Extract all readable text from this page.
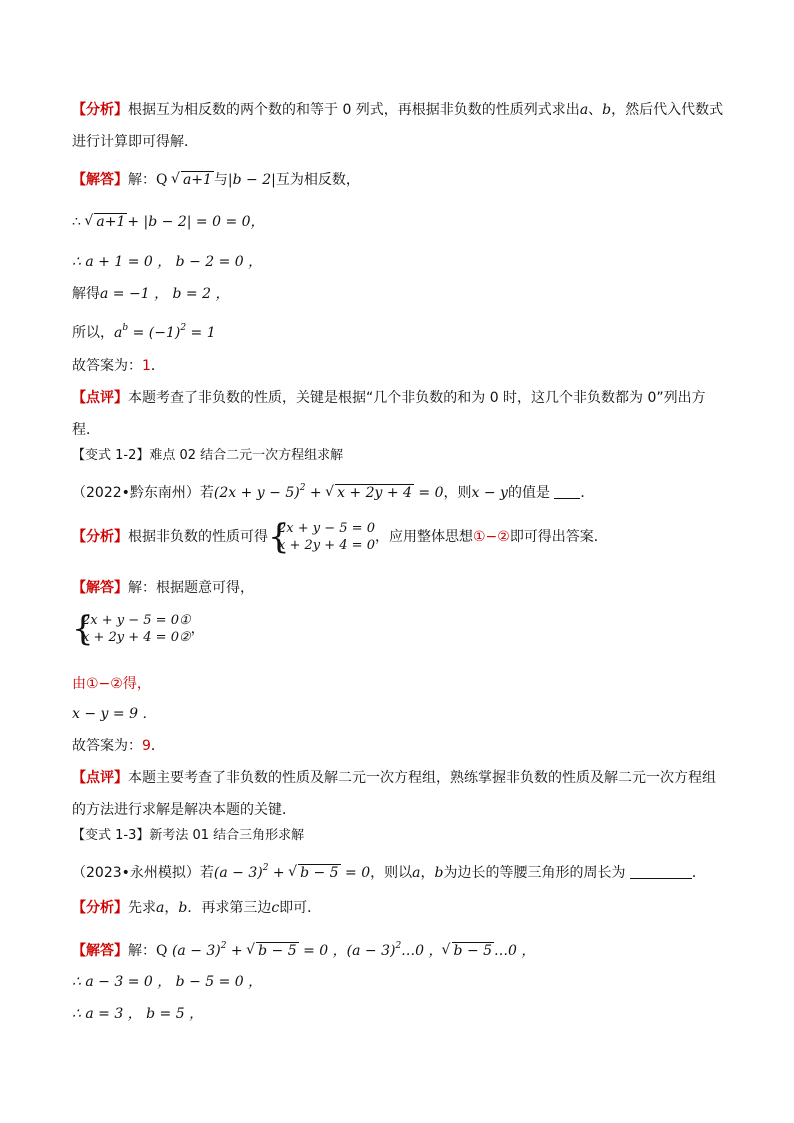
【分析】根据互为相反数的两个数的和等于 0 列式，再根据非负数的性质列式求出a、b，然后代入代数式
进行计算即可得解．
【解答】解：Q √ a+1 与|b − 2|互为相反数，
∴ √ a+1 + |b − 2| = 0 = 0，
∴ a + 1 = 0 ， b − 2 = 0 ，
解得a = −1 ， b = 2 ，
所以，$a^b = (-1)^2 = 1$
故答案为：1．
【点评】本题考查了非负数的性质，关键是根据“几个非负数的和为 0 时，这几个非负数都为 0”列出方
程．
【变式 1-2】难点 02 结合二元一次方程组求解
（2022•黔东南州）若$(2x + y - 5)^2$ + √ x + 2y + 4 = 0，则x − y的值是 ．
【分析】根据非负数的性质可得 {
2x + y − 5 = 0
x + 2y + 4 = 0
，应用整体思想①−②即可得出答案．
【解答】解：根据题意可得，
{
2x + y − 5 = 0①
x + 2y + 4 = 0②
，
由①−②得，
x − y = 9 ．
故答案为：9．
【点评】本题主要考查了非负数的性质及解二元一次方程组，熟练掌握非负数的性质及解二元一次方程组
的方法进行求解是解决本题的关键．
【变式 1-3】新考法 01 结合三角形求解
（2023•永州模拟）若$(a - 3)^2$ + √ b − 5 = 0，则以a，b为边长的等腰三角形的周长为	．
【分析】先求a，b．再求第三边c即可．
【解答】解：Q $(a - 3)^2$ + √ b − 5 = 0 ，$(a - 3)^2\dots 0$ ， √ b − 5 …0 ，
∴ a − 3 = 0 ， b − 5 = 0 ，
∴ a = 3 ， b = 5 ，
